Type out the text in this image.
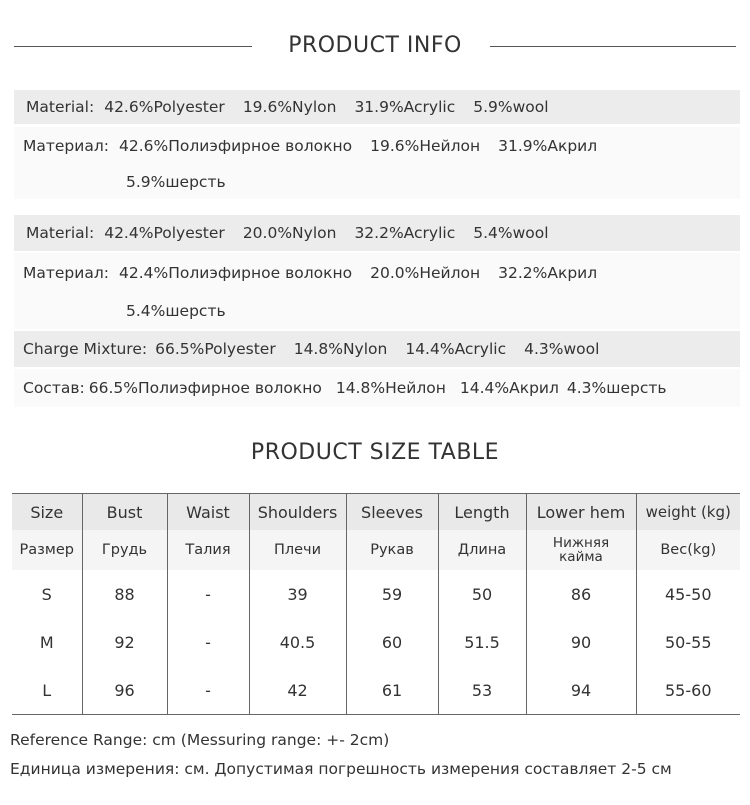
PRODUCT INFO
Material: 42.6%Polyester 19.6%Nylon 31.9%Acrylic 5.9%wool
Материал: 42.6%Полиэфирное волокно 19.6%Нейлон 31.9%Акрил
5.9%шерсть
Material: 42.4%Polyester 20.0%Nylon 32.2%Acrylic 5.4%wool
Материал: 42.4%Полиэфирное волокно 20.0%Нейлон 32.2%Акрил
5.4%шерсть
Charge Mixture: 66.5%Polyester 14.8%Nylon 14.4%Acrylic 4.3%wool
Состав: 66.5%Полиэфирное волокно 14.8%Нейлон 14.4%Акрил 4.3%шерсть
PRODUCT SIZE TABLE
Size	Bust	Waist	Shoulders	Sleeves	Length	Lower hem	weight (kg)
Размер	Грудь	Талия	Плечи	Рукав	Длина	Нижняя кайма	Вес(kg)
S	88	-	39	59	50	86	45-50
M	92	-	40.5	60	51.5	90	50-55
L	96	-	42	61	53	94	55-60
Reference Range: cm (Messuring range: +- 2cm)
Единица измерения: см. Допустимая погрешность измерения составляет 2-5 см
